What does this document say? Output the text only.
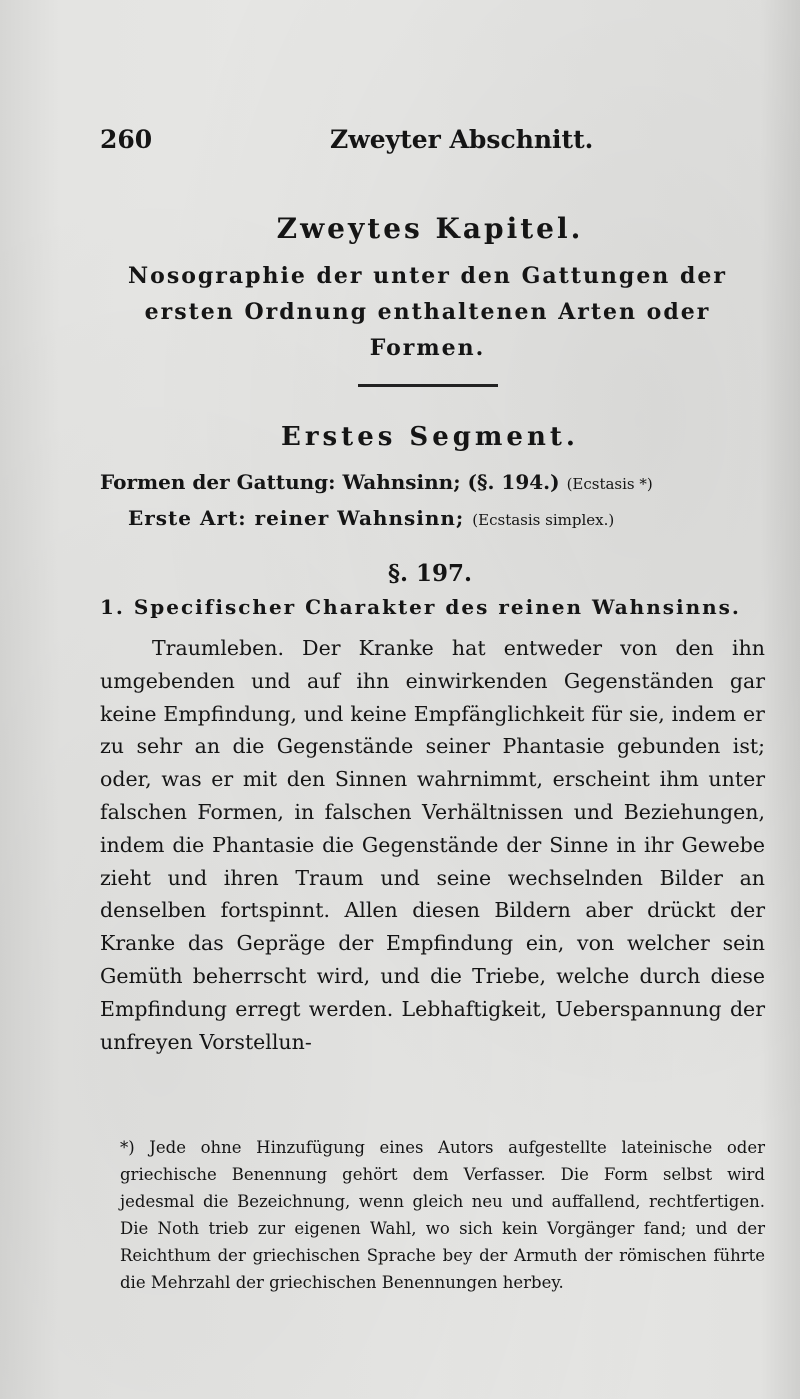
260	Zweyter Abschnitt.
Zweytes Kapitel.

Nosographie der unter den Gattungen der ersten Ordnung enthaltenen Arten oder Formen.

Erstes Segment.
Formen der Gattung: Wahnsinn; (§. 194.) (Ecstasis *)
Erste Art: reiner Wahnsinn; (Ecstasis simplex.)
§. 197.
1. Specifischer Charakter des reinen Wahnsinns.

Traumleben. Der Kranke hat entweder von den ihn umgebenden und auf ihn einwirkenden Gegenständen gar keine Empfindung, und keine Empfänglichkeit für sie, indem er zu sehr an die Gegenstände seiner Phantasie gebunden ist; oder, was er mit den Sinnen wahrnimmt, erscheint ihm unter falschen Formen, in falschen Verhältnissen und Beziehungen, indem die Phantasie die Gegenstände der Sinne in ihr Gewebe zieht und ihren Traum und seine wechselnden Bilder an denselben fortspinnt. Allen diesen Bildern aber drückt der Kranke das Gepräge der Empfindung ein, von welcher sein Gemüth beherrscht wird, und die Triebe, welche durch diese Empfindung erregt werden. Lebhaftigkeit, Ueberspannung der unfreyen Vorstellun-

*) Jede ohne Hinzufügung eines Autors aufgestellte lateinische oder griechische Benennung gehört dem Verfasser. Die Form selbst wird jedesmal die Bezeichnung, wenn gleich neu und auffallend, rechtfertigen. Die Noth trieb zur eigenen Wahl, wo sich kein Vorgänger fand; und der Reichthum der griechischen Sprache bey der Armuth der römischen führte die Mehrzahl der griechischen Benennungen herbey.
